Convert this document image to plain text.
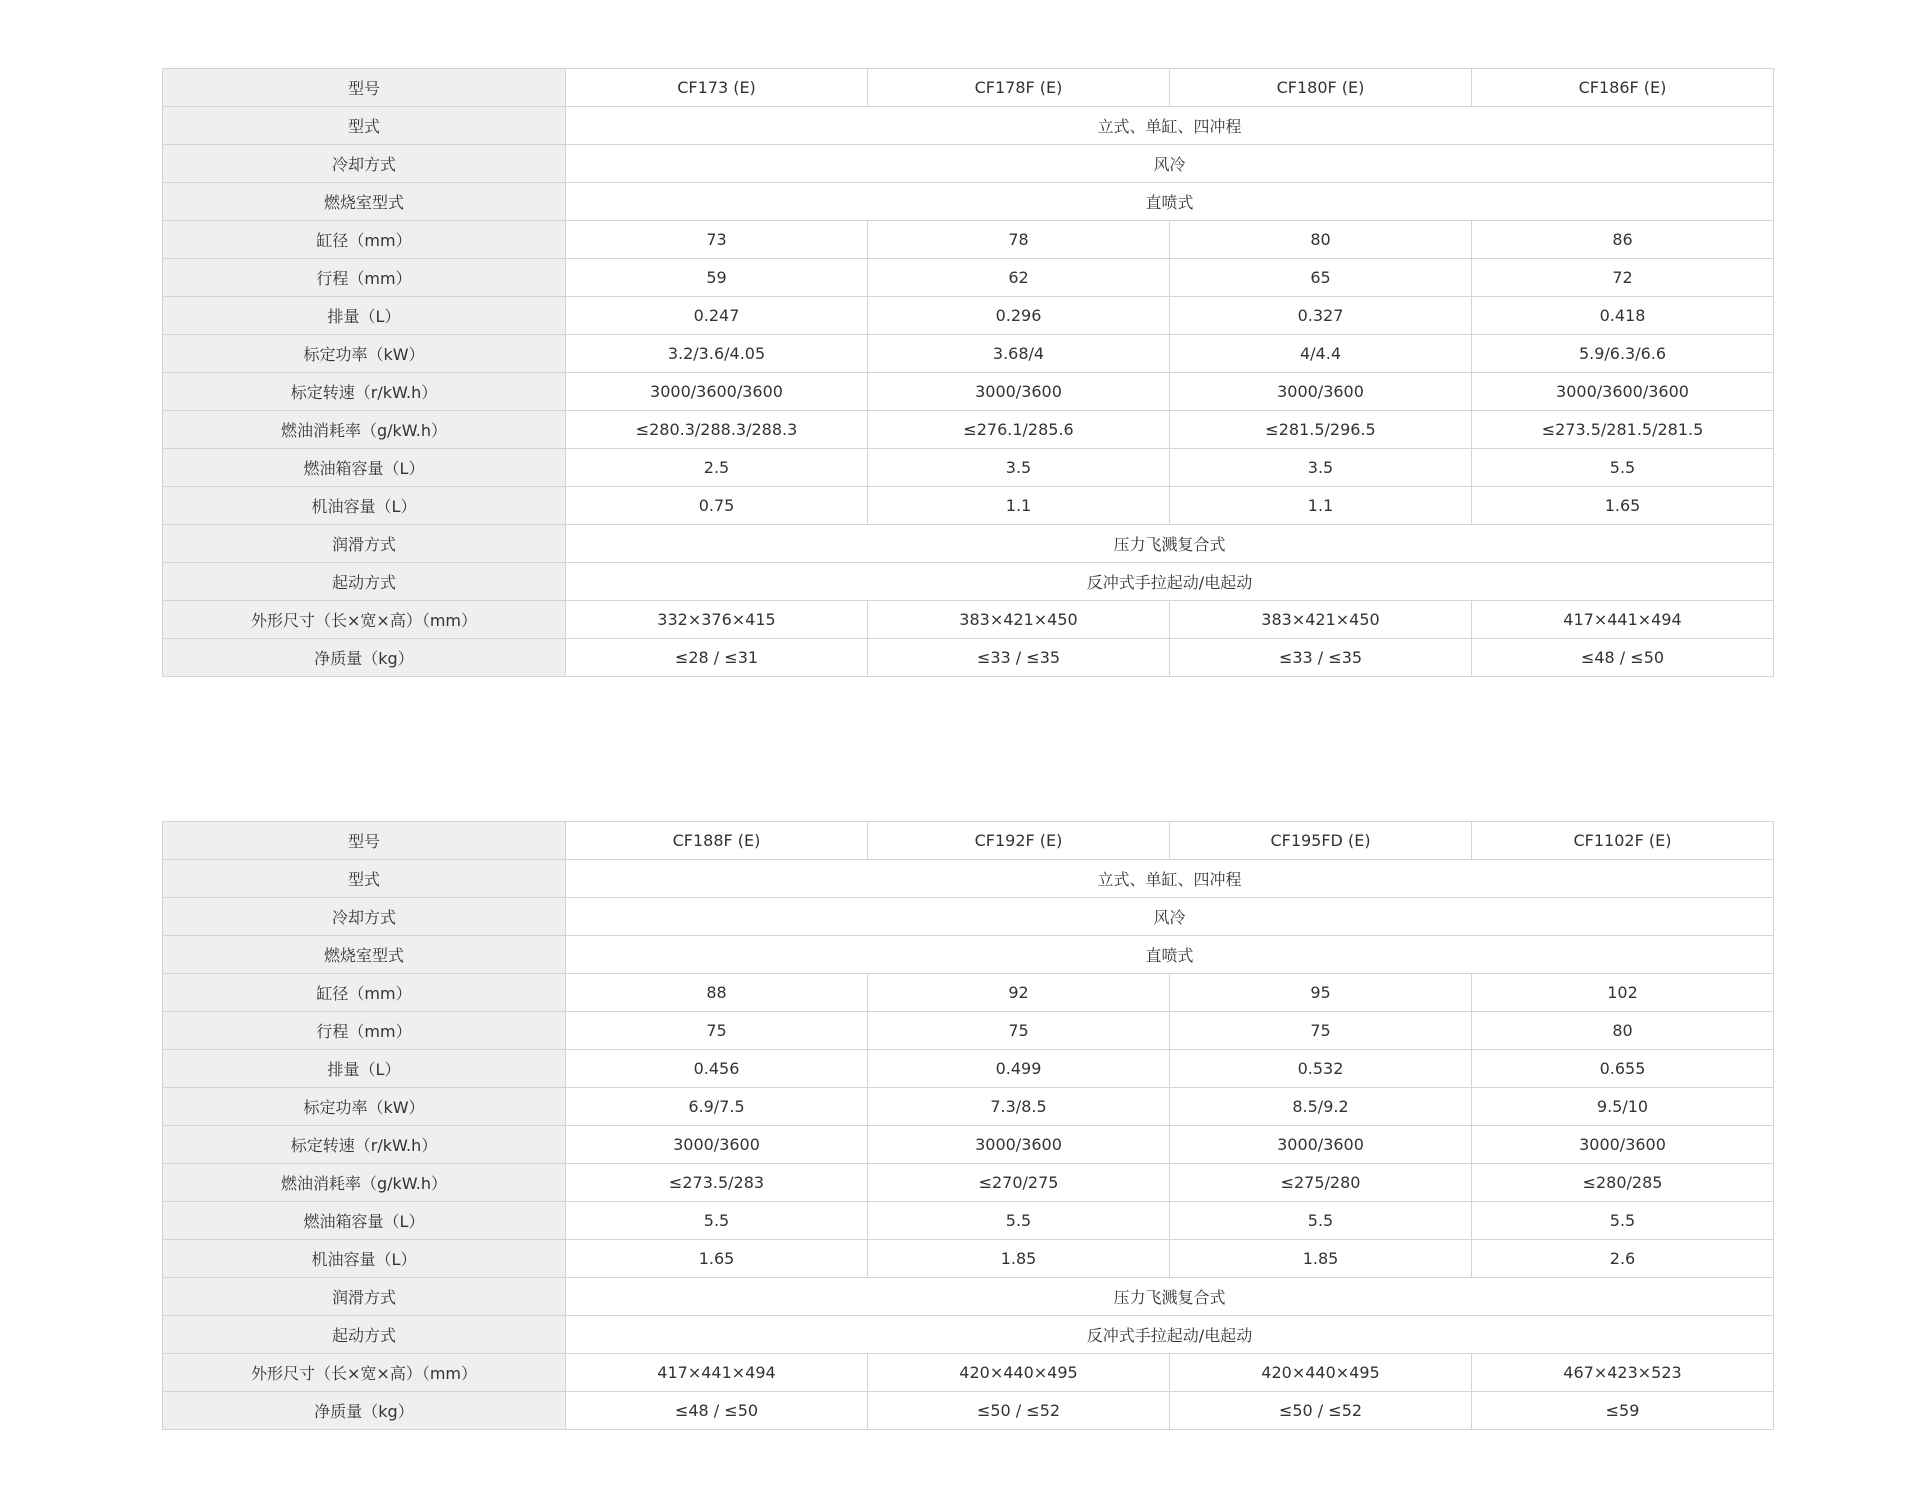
型号	CF173 (E)	CF178F (E)	CF180F (E)	CF186F (E)
型式	立式、单缸、四冲程			
冷却方式	风冷			
燃烧室型式	直喷式			
缸径（mm）	73	78	80	86
行程（mm）	59	62	65	72
排量（L）	0.247	0.296	0.327	0.418
标定功率（kW）	3.2/3.6/4.05	3.68/4	4/4.4	5.9/6.3/6.6
标定转速（r/kW.h）	3000/3600/3600	3000/3600	3000/3600	3000/3600/3600
燃油消耗率（g/kW.h）	≤280.3/288.3/288.3	≤276.1/285.6	≤281.5/296.5	≤273.5/281.5/281.5
燃油箱容量（L）	2.5	3.5	3.5	5.5
机油容量（L）	0.75	1.1	1.1	1.65
润滑方式	压力飞溅复合式			
起动方式	反冲式手拉起动/电起动			
外形尺寸（长×宽×高）（mm）	332×376×415	383×421×450	383×421×450	417×441×494
净质量（kg）	≤28 / ≤31	≤33 / ≤35	≤33 / ≤35	≤48 / ≤50
型号	CF188F (E)	CF192F (E)	CF195FD (E)	CF1102F (E)
型式	立式、单缸、四冲程			
冷却方式	风冷			
燃烧室型式	直喷式			
缸径（mm）	88	92	95	102
行程（mm）	75	75	75	80
排量（L）	0.456	0.499	0.532	0.655
标定功率（kW）	6.9/7.5	7.3/8.5	8.5/9.2	9.5/10
标定转速（r/kW.h）	3000/3600	3000/3600	3000/3600	3000/3600
燃油消耗率（g/kW.h）	≤273.5/283	≤270/275	≤275/280	≤280/285
燃油箱容量（L）	5.5	5.5	5.5	5.5
机油容量（L）	1.65	1.85	1.85	2.6
润滑方式	压力飞溅复合式			
起动方式	反冲式手拉起动/电起动			
外形尺寸（长×宽×高）（mm）	417×441×494	420×440×495	420×440×495	467×423×523
净质量（kg）	≤48 / ≤50	≤50 / ≤52	≤50 / ≤52	≤59
